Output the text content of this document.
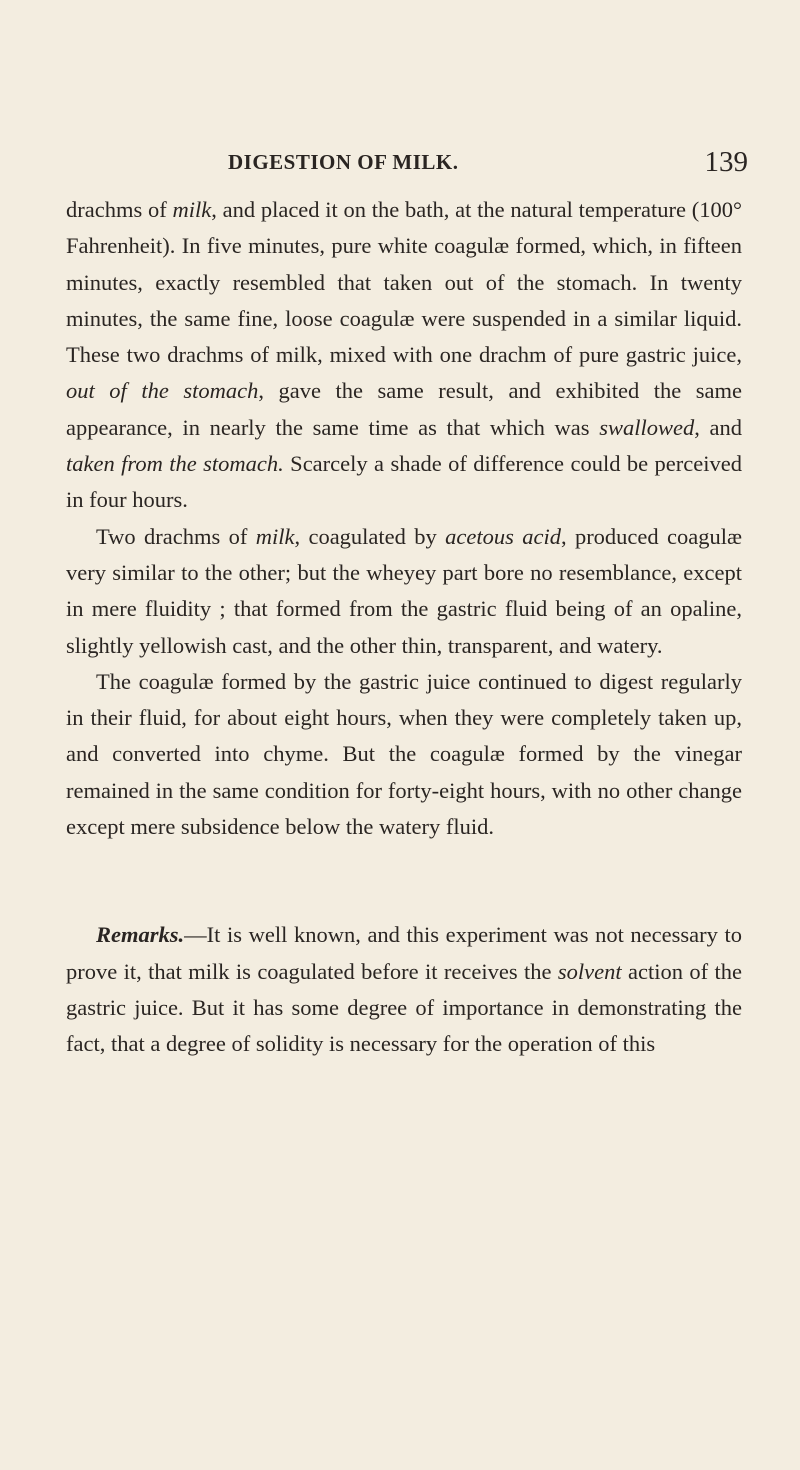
DIGESTION OF MILK.	139

drachms of milk, and placed it on the bath, at the natural temperature (100° Fahrenheit). In five minutes, pure white coagulæ formed, which, in fifteen minutes, exactly resembled that taken out of the stomach. In twenty minutes, the same fine, loose coagulæ were suspended in a similar liquid. These two drachms of milk, mixed with one drachm of pure gastric juice, out of the stomach, gave the same result, and exhibited the same appearance, in nearly the same time as that which was swallowed, and taken from the stomach. Scarcely a shade of difference could be perceived in four hours.

Two drachms of milk, coagulated by acetous acid, produced coagulæ very similar to the other; but the wheyey part bore no resemblance, except in mere fluidity ; that formed from the gastric fluid being of an opaline, slightly yellowish cast, and the other thin, transparent, and watery.

The coagulæ formed by the gastric juice continued to digest regularly in their fluid, for about eight hours, when they were completely taken up, and converted into chyme. But the coagulæ formed by the vinegar remained in the same condition for forty-eight hours, with no other change except mere subsidence below the watery fluid.

Remarks.—It is well known, and this experiment was not necessary to prove it, that milk is coagulated before it receives the solvent action of the gastric juice. But it has some degree of importance in demonstrating the fact, that a degree of solidity is necessary for the operation of this
